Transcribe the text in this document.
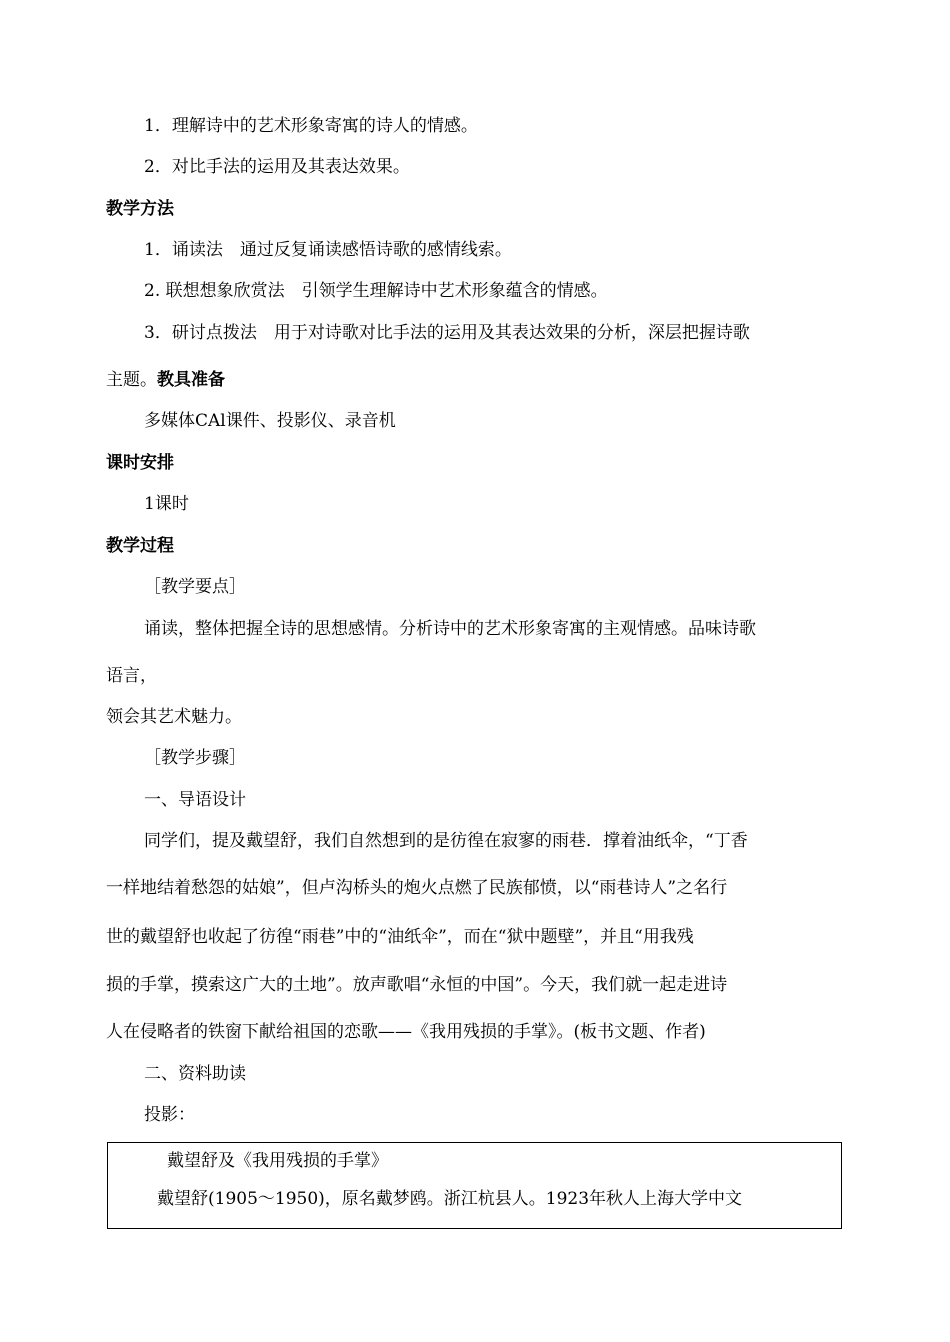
1．理解诗中的艺术形象寄寓的诗人的情感。
2．对比手法的运用及其表达效果。
教学方法
1．诵读法　通过反复诵读感悟诗歌的感情线索。
2. 联想想象欣赏法　引领学生理解诗中艺术形象蕴含的情感。
3．研讨点拨法　用于对诗歌对比手法的运用及其表达效果的分析，深层把握诗歌
主题。教具准备
多媒体CAl课件、投影仪、录音机
课时安排
1课时
教学过程
［教学要点］
诵读，整体把握全诗的思想感情。分析诗中的艺术形象寄寓的主观情感。品味诗歌
语言，
领会其艺术魅力。
［教学步骤］
一、导语设计
同学们，提及戴望舒，我们自然想到的是彷徨在寂寥的雨巷．撑着油纸伞，“丁香
一样地结着愁怨的姑娘”，但卢沟桥头的炮火点燃了民族郁愤，以“雨巷诗人”之名行
世的戴望舒也收起了彷徨“雨巷”中的“油纸伞”，而在“狱中题壁”，并且“用我残
损的手掌，摸索这广大的土地”。放声歌唱“永恒的中国”。今天，我们就一起走进诗
人在侵略者的铁窗下献给祖国的恋歌——《我用残损的手掌》。(板书文题、作者)
二、资料助读
投影：
戴望舒及《我用残损的手掌》
戴望舒(1905～1950)，原名戴梦鸥。浙江杭县人。1923年秋人上海大学中文
